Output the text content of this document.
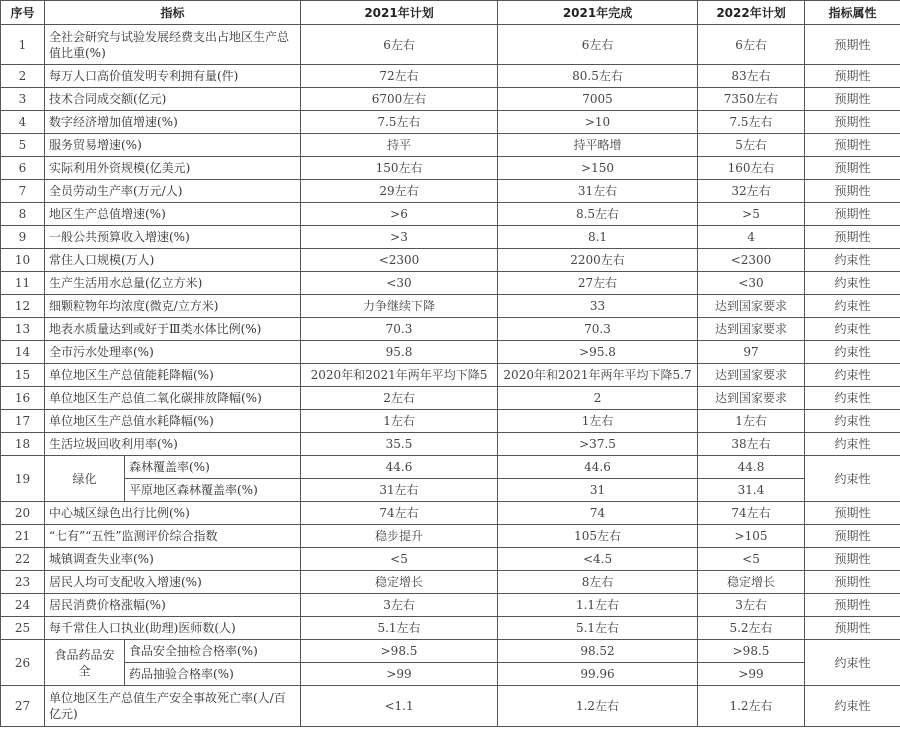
序号	指标		2021年计划	2021年完成	2022年计划	指标属性
1	全社会研究与试验发展经费支出占地区生产总值比重(%)		6左右	6左右	6左右	预期性
2	每万人口高价值发明专利拥有量(件)		72左右	80.5左右	83左右	预期性
3	技术合同成交额(亿元)		6700左右	7005	7350左右	预期性
4	数字经济增加值增速(%)		7.5左右	>10	7.5左右	预期性
5	服务贸易增速(%)		持平	持平略增	5左右	预期性
6	实际利用外资规模(亿美元)		150左右	>150	160左右	预期性
7	全员劳动生产率(万元/人)		29左右	31左右	32左右	预期性
8	地区生产总值增速(%)		>6	8.5左右	>5	预期性
9	一般公共预算收入增速(%)		>3	8.1	4	预期性
10	常住人口规模(万人)		<2300	2200左右	<2300	约束性
11	生产生活用水总量(亿立方米)		<30	27左右	<30	约束性
12	细颗粒物年均浓度(微克/立方米)		力争继续下降	33	达到国家要求	约束性
13	地表水质量达到或好于Ⅲ类水体比例(%)		70.3	70.3	达到国家要求	约束性
14	全市污水处理率(%)		95.8	>95.8	97	约束性
15	单位地区生产总值能耗降幅(%)		2020年和2021年两年平均下降5	2020年和2021年两年平均下降5.7	达到国家要求	约束性
16	单位地区生产总值二氧化碳排放降幅(%)		2左右	2	达到国家要求	约束性
17	单位地区生产总值水耗降幅(%)		1左右	1左右	1左右	约束性
18	生活垃圾回收利用率(%)		35.5	>37.5	38左右	约束性
19	绿化	森林覆盖率(%)	44.6	44.6	44.8	约束性
		平原地区森林覆盖率(%)	31左右	31	31.4	
20	中心城区绿色出行比例(%)		74左右	74	74左右	预期性
21	“七有”“五性”监测评价综合指数		稳步提升	105左右	>105	预期性
22	城镇调查失业率(%)		<5	<4.5	<5	预期性
23	居民人均可支配收入增速(%)		稳定增长	8左右	稳定增长	预期性
24	居民消费价格涨幅(%)		3左右	1.1左右	3左右	预期性
25	每千常住人口执业(助理)医师数(人)		5.1左右	5.1左右	5.2左右	预期性
26	食品药品安全	食品安全抽检合格率(%)	>98.5	98.52	>98.5	约束性
		药品抽验合格率(%)	>99	99.96	>99	
27	单位地区生产总值生产安全事故死亡率(人/百亿元)		<1.1	1.2左右	1.2左右	约束性
